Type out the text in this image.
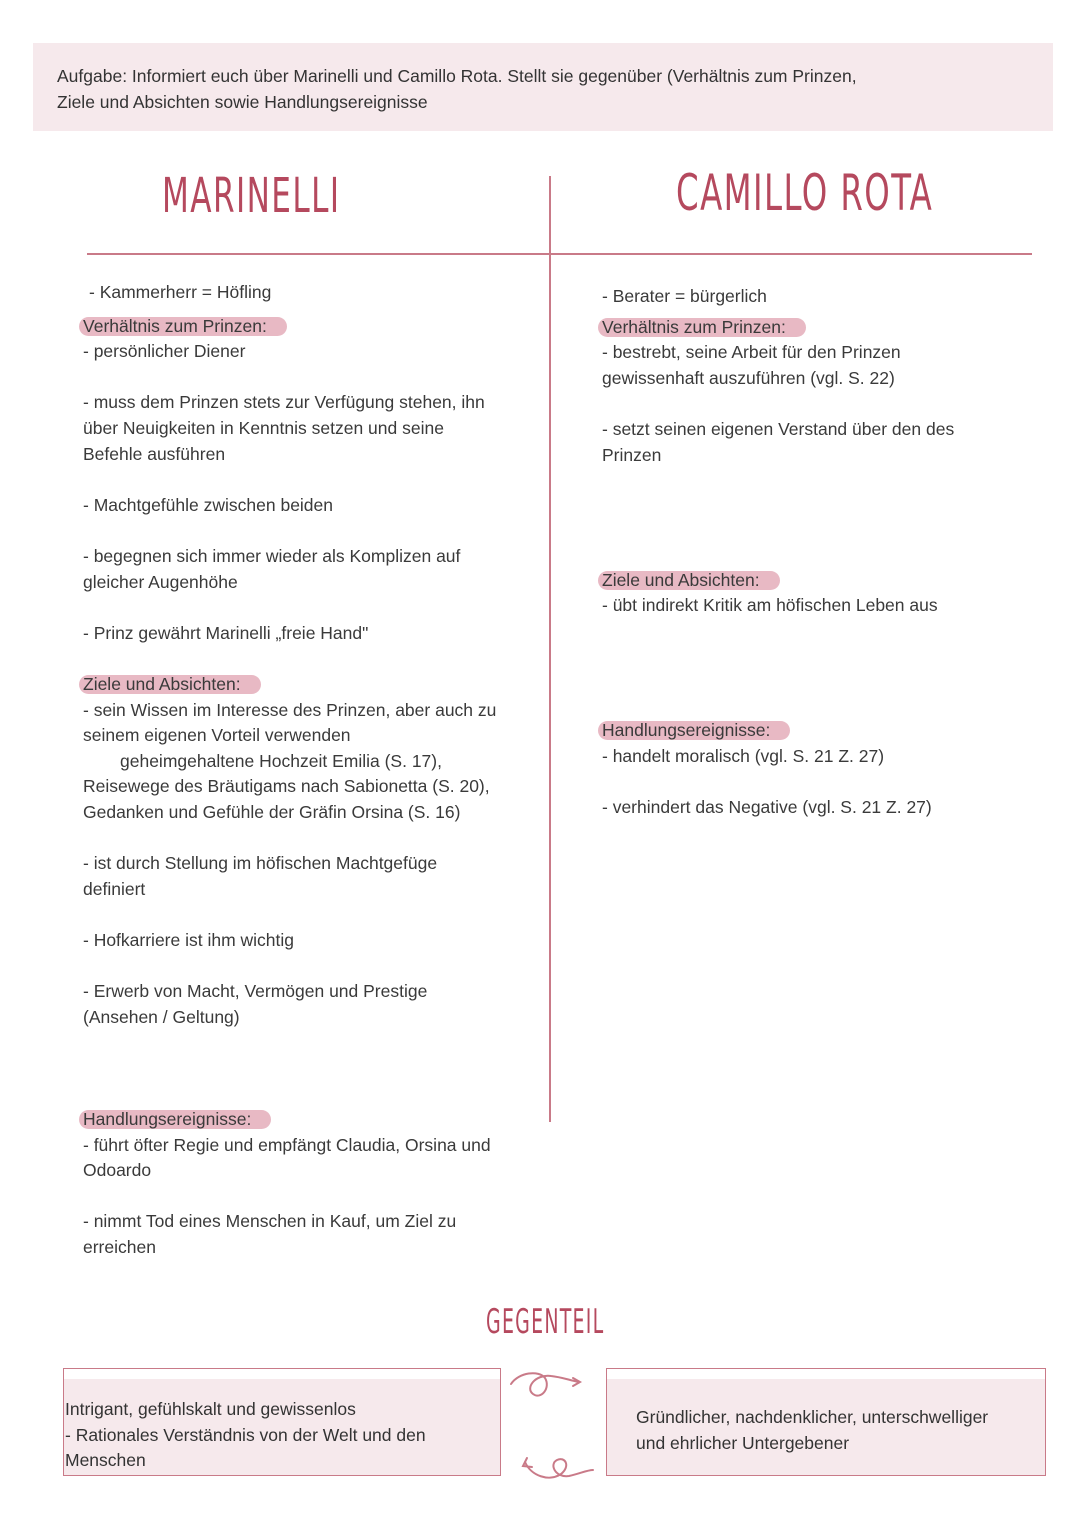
Aufgabe: Informiert euch über Marinelli und Camillo Rota. Stellt sie gegenüber (Verhältnis zum Prinzen,
Ziele und Absichten sowie Handlungsereignisse
MARINELLI	CAMILLO ROTA

- Kammerherr = Höfling

Verhältnis zum Prinzen:

- persönlicher Diener

- muss dem Prinzen stets zur Verfügung stehen, ihn

über Neuigkeiten in Kenntnis setzen und seine

Befehle ausführen

- Machtgefühle zwischen beiden

- begegnen sich immer wieder als Komplizen auf

gleicher Augenhöhe

- Prinz gewährt Marinelli „freie Hand"

Ziele und Absichten:

- sein Wissen im Interesse des Prinzen, aber auch zu

seinem eigenen Vorteil verwenden

geheimgehaltene Hochzeit Emilia (S. 17),

Reisewege des Bräutigams nach Sabionetta (S. 20),

Gedanken und Gefühle der Gräfin Orsina (S. 16)

- ist durch Stellung im höfischen Machtgefüge

definiert

- Hofkarriere ist ihm wichtig

- Erwerb von Macht, Vermögen und Prestige

(Ansehen / Geltung)

Handlungsereignisse:

- führt öfter Regie und empfängt Claudia, Orsina und

Odoardo

- nimmt Tod eines Menschen in Kauf, um Ziel zu

erreichen

- Berater = bürgerlich

Verhältnis zum Prinzen:

- bestrebt, seine Arbeit für den Prinzen

gewissenhaft auszuführen (vgl. S. 22)

- setzt seinen eigenen Verstand über den des

Prinzen

Ziele und Absichten:

- übt indirekt Kritik am höfischen Leben aus

Handlungsereignisse:

- handelt moralisch (vgl. S. 21 Z. 27)

- verhindert das Negative (vgl. S. 21 Z. 27)

GEGENTEIL

Intrigant, gefühlskalt und gewissenlos

- Rationales Verständnis von der Welt und den

Menschen

Gründlicher, nachdenklicher, unterschwelliger

und ehrlicher Untergebener
